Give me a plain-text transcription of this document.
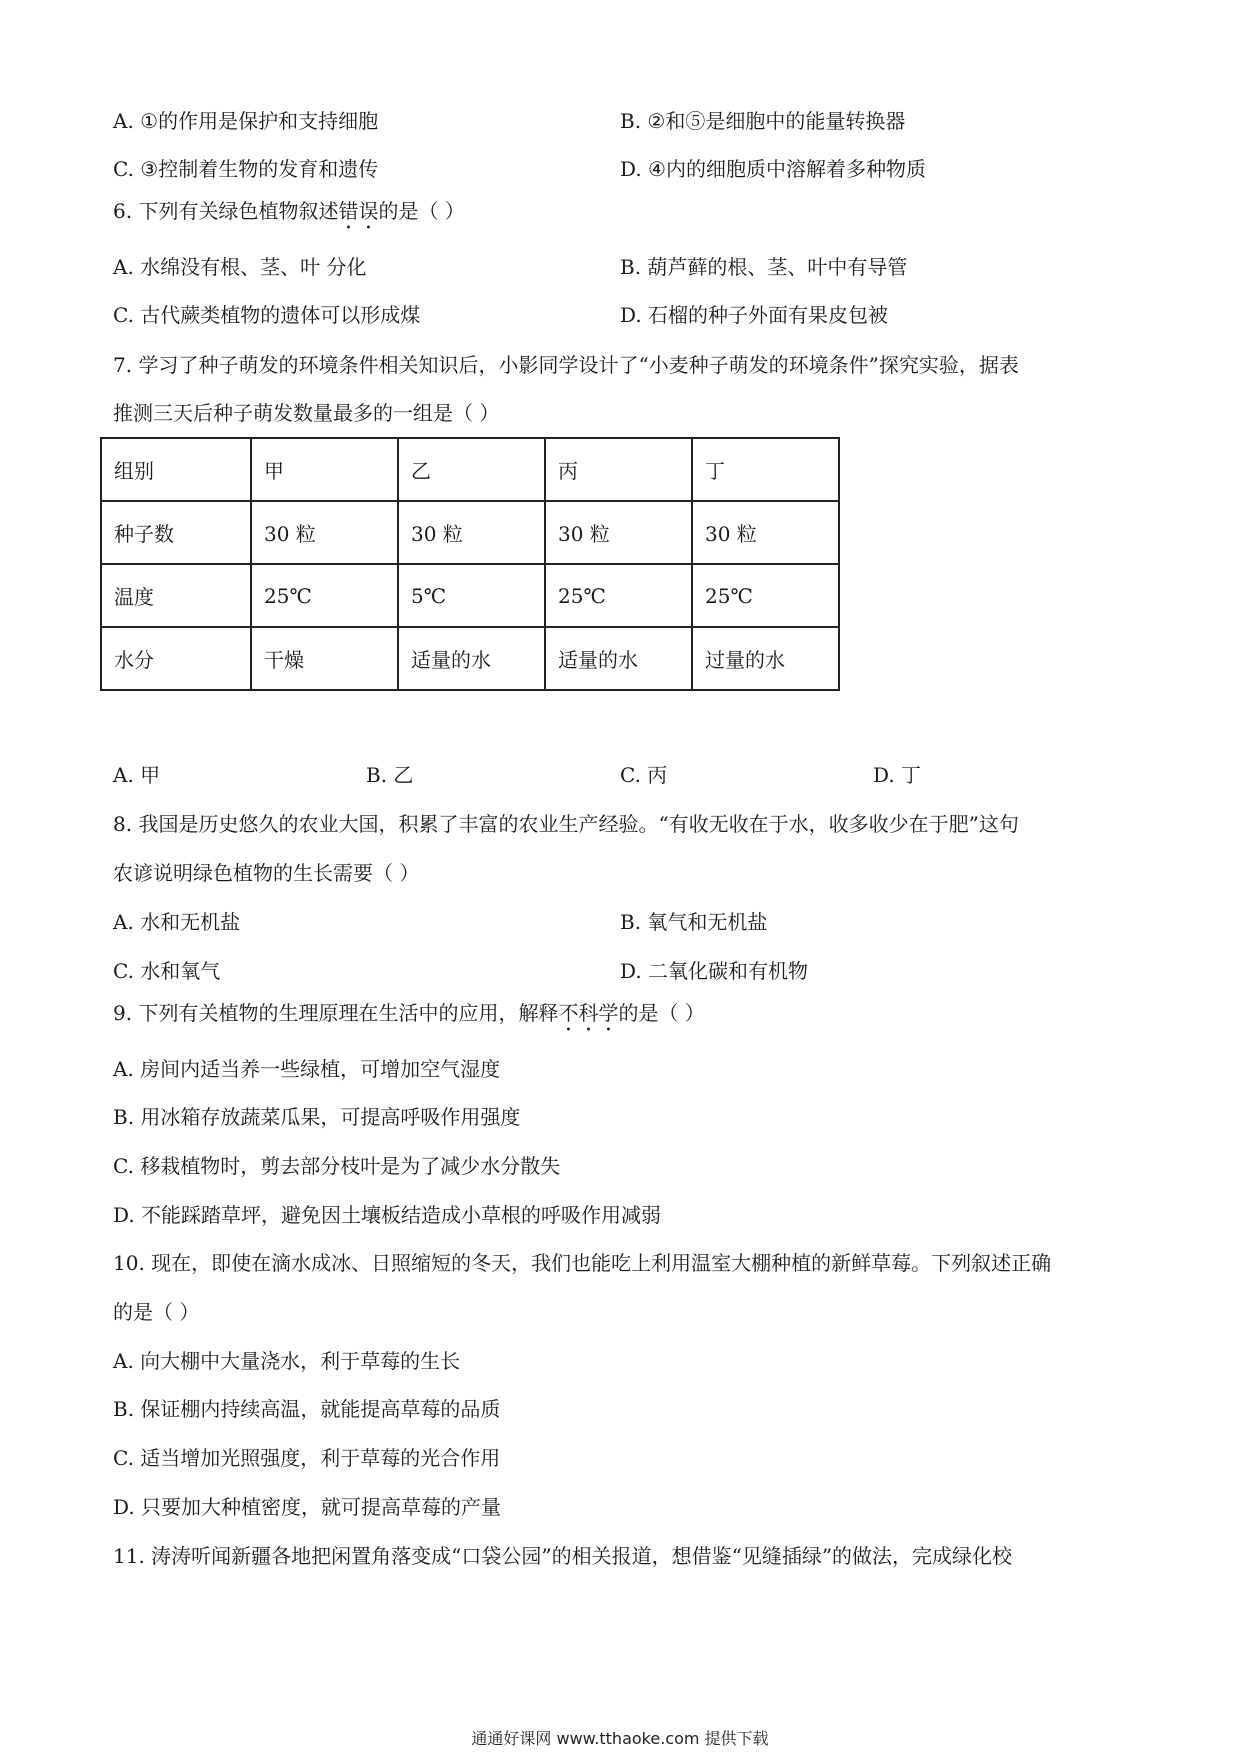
A. ①的作用是保护和支持细胞	B. ②和⑤是细胞中的能量转换器
C. ③控制着生物的发育和遗传	D. ④内的细胞质中溶解着多种物质
6. 下列有关绿色植物叙述错误的是（ ）
A. 水绵没有根、茎、叶 分化	B. 葫芦藓的根、茎、叶中有导管
C. 古代蕨类植物的遗体可以形成煤	D. 石榴的种子外面有果皮包被
7. 学习了种子萌发的环境条件相关知识后，小影同学设计了“小麦种子萌发的环境条件”探究实验，据表
推测三天后种子萌发数量最多的一组是（ ）
组别	甲	乙	丙	丁
种子数	30 粒	30 粒	30 粒	30 粒
温度	25℃	5℃	25℃	25℃
水分	干燥	适量的水	适量的水	过量的水
A. 甲	B. 乙	C. 丙	D. 丁
8. 我国是历史悠久的农业大国，积累了丰富的农业生产经验。“有收无收在于水，收多收少在于肥”这句
农谚说明绿色植物的生长需要（ ）
A. 水和无机盐	B. 氧气和无机盐
C. 水和氧气	D. 二氧化碳和有机物
9. 下列有关植物的生理原理在生活中的应用，解释不科学的是（ ）
A. 房间内适当养一些绿植，可增加空气湿度
B. 用冰箱存放蔬菜瓜果，可提高呼吸作用强度
C. 移栽植物时，剪去部分枝叶是为了减少水分散失
D. 不能踩踏草坪，避免因土壤板结造成小草根的呼吸作用减弱
10. 现在，即使在滴水成冰、日照缩短的冬天，我们也能吃上利用温室大棚种植的新鲜草莓。下列叙述正确
的是（ ）
A. 向大棚中大量浇水，利于草莓的生长
B. 保证棚内持续高温，就能提高草莓的品质
C. 适当增加光照强度，利于草莓的光合作用
D. 只要加大种植密度，就可提高草莓的产量
11. 涛涛听闻新疆各地把闲置角落变成“口袋公园”的相关报道，想借鉴“见缝插绿”的做法，完成绿化校
通通好课网 www.tthaoke.com 提供下载
